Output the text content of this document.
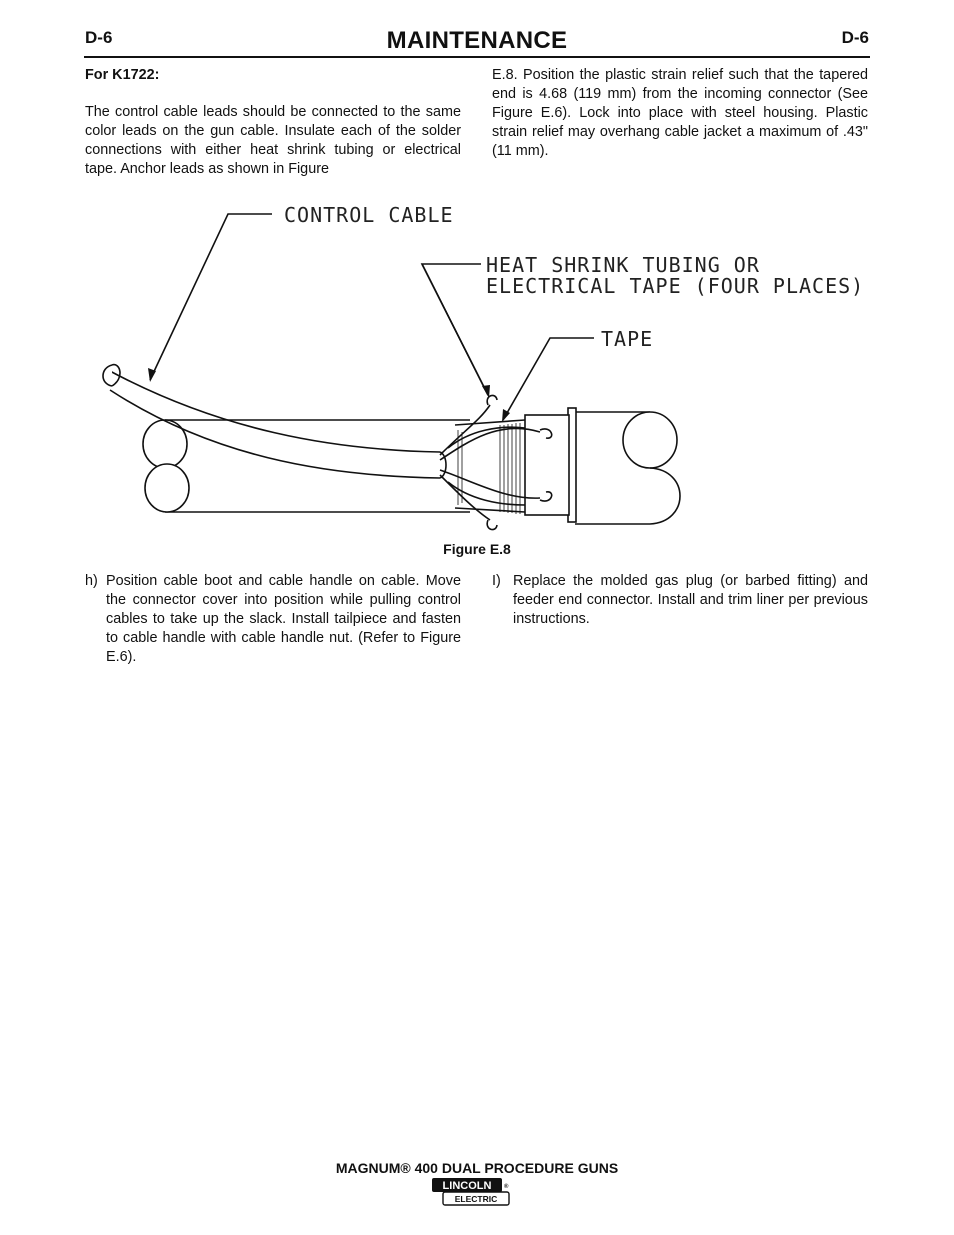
D-6	MAINTENANCE	D-6
For K1722:
The control cable leads should be connected to the same color leads on the gun cable. Insulate each of the solder connections with either heat shrink tubing or electrical tape. Anchor leads as shown in Figure
E.8. Position the plastic strain relief such that the tapered end is 4.68 (119 mm) from the incoming connector (See Figure E.6). Lock into place with steel housing. Plastic strain relief may overhang cable jacket a maximum of .43" (11 mm).
CONTROL CABLE
HEAT SHRINK TUBING OR
ELECTRICAL TAPE (FOUR PLACES)
TAPE
Figure E.8
h) Position cable boot and cable handle on cable. Move the connector cover into position while pulling control cables to take up the slack. Install tailpiece and fasten to cable handle with cable handle nut. (Refer to Figure E.6).
I) Replace the molded gas plug (or barbed fitting) and feeder end connector. Install and trim liner per previous instructions.
MAGNUM® 400 DUAL PROCEDURE GUNS
LINCOLN
ELECTRIC
®
